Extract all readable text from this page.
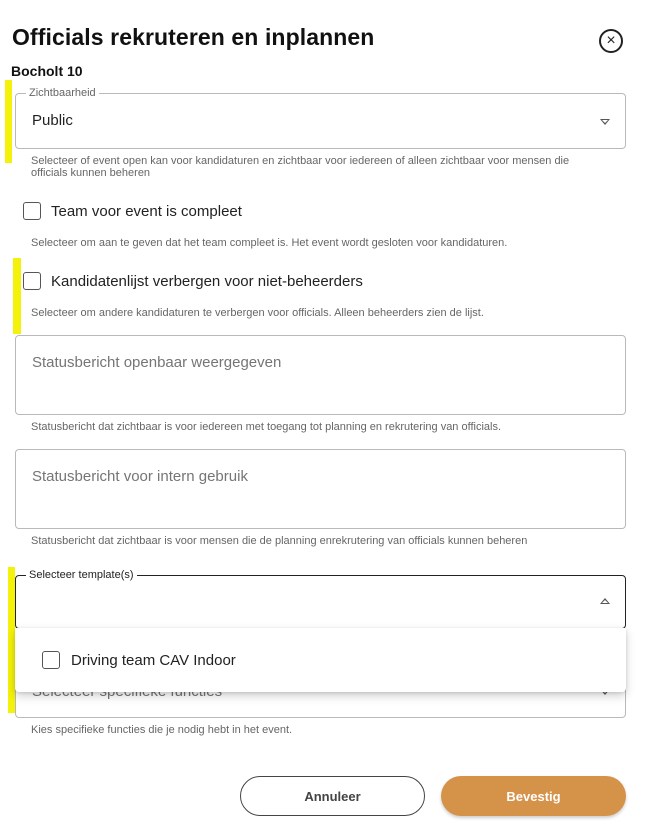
Officials rekruteren en inplannen
Bocholt 10
×
Zichtbaarheid
Public
Selecteer of event open kan voor kandidaturen en zichtbaar voor iedereen of alleen zichtbaar voor mensen die officials kunnen beheren
Team voor event is compleet
Selecteer om aan te geven dat het team compleet is. Het event wordt gesloten voor kandidaturen.
Kandidatenlijst verbergen voor niet-beheerders
Selecteer om andere kandidaturen te verbergen voor officials. Alleen beheerders zien de lijst.
Statusbericht openbaar weergegeven
Statusbericht dat zichtbaar is voor iedereen met toegang tot planning en rekrutering van officials.
Statusbericht voor intern gebruik
Statusbericht dat zichtbaar is voor mensen die de planning enrekrutering van officials kunnen beheren
Kies specifieke functies die je nodig hebt in het event.
Selecteer template(s)
Driving team CAV Indoor
Annuleer	Bevestig
